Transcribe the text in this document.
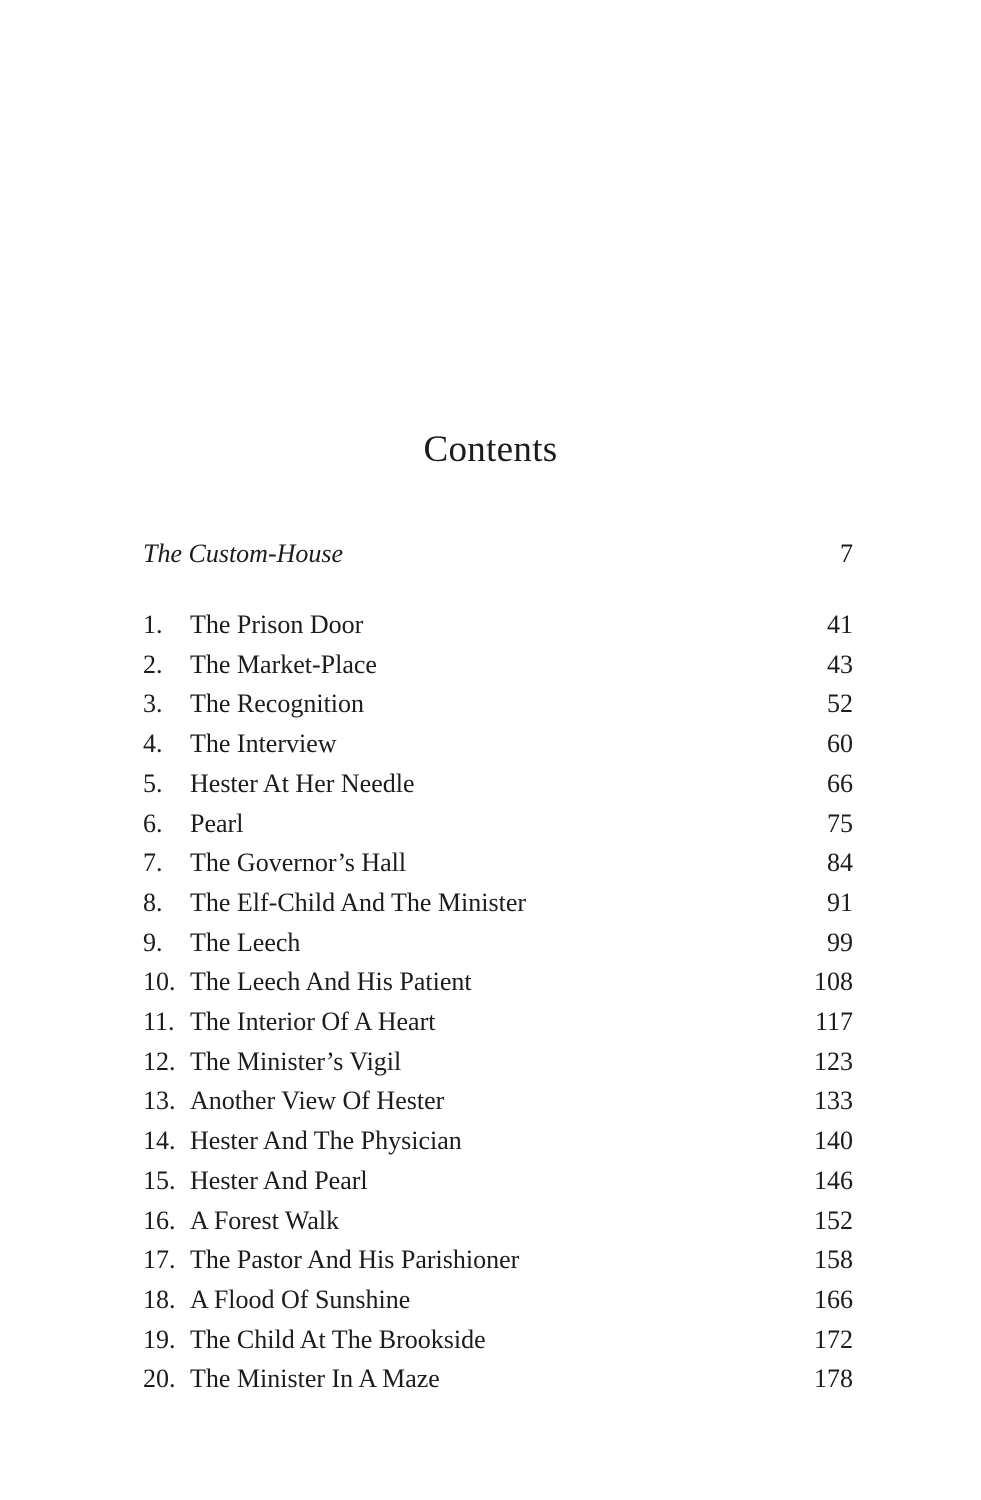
Contents
The Custom-House	7
1. The Prison Door	41
2. The Market-Place	43
3. The Recognition	52
4. The Interview	60
5. Hester At Her Needle	66
6. Pearl	75
7. The Governor’s Hall	84
8. The Elf-Child And The Minister	91
9. The Leech	99
10. The Leech And His Patient	108
11. The Interior Of A Heart	117
12. The Minister’s Vigil	123
13. Another View Of Hester	133
14. Hester And The Physician	140
15. Hester And Pearl	146
16. A Forest Walk	152
17. The Pastor And His Parishioner	158
18. A Flood Of Sunshine	166
19. The Child At The Brookside	172
20. The Minister In A Maze	178
